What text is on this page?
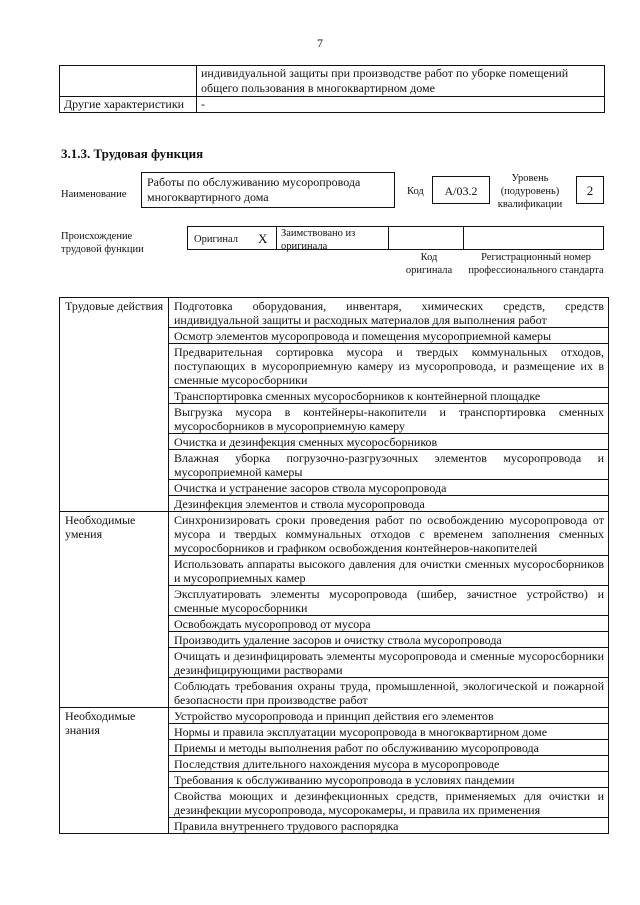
7
	индивидуальной защиты при производстве работ по уборке помещений общего пользования в многоквартирном доме
Другие характеристики	-
3.1.3. Трудовая функция
Наименование
Работы по обслуживанию мусоропровода многоквартирного дома	Код	А/03.2
Уровень (подуровень) квалификации
2
Происхождение трудовой функции
Оригинал X Заимствовано из оригинала
Код оригинала
Регистрационный номер профессионального стандарта
Трудовые действия	Подготовка оборудования, инвентаря, химических средств, средств индивидуальной защиты и расходных материалов для выполнения работ
	Осмотр элементов мусоропровода и помещения мусороприемной камеры
	Предварительная сортировка мусора и твердых коммунальных отходов, поступающих в мусороприемную камеру из мусоропровода, и размещение их в сменные мусоросборники
	Транспортировка сменных мусоросборников к контейнерной площадке
	Выгрузка мусора в контейнеры-накопители и транспортировка сменных мусоросборников в мусороприемную камеру
	Очистка и дезинфекция сменных мусоросборников
	Влажная уборка погрузочно-разгрузочных элементов мусоропровода и мусороприемной камеры
	Очистка и устранение засоров ствола мусоропровода
	Дезинфекция элементов и ствола мусоропровода
Необходимые умения	Синхронизировать сроки проведения работ по освобождению мусоропровода от мусора и твердых коммунальных отходов с временем заполнения сменных мусоросборников и графиком освобождения контейнеров-накопителей
	Использовать аппараты высокого давления для очистки сменных мусоросборников и мусороприемных камер
	Эксплуатировать элементы мусоропровода (шибер, зачистное устройство) и сменные мусоросборники
	Освобождать мусоропровод от мусора
	Производить удаление засоров и очистку ствола мусоропровода
	Очищать и дезинфицировать элементы мусоропровода и сменные мусоросборники дезинфицирующими растворами
	Соблюдать требования охраны труда, промышленной, экологической и пожарной безопасности при производстве работ
Необходимые знания	Устройство мусоропровода и принцип действия его элементов
	Нормы и правила эксплуатации мусоропровода в многоквартирном доме
	Приемы и методы выполнения работ по обслуживанию мусоропровода
	Последствия длительного нахождения мусора в мусоропроводе
	Требования к обслуживанию мусоропровода в условиях пандемии
	Свойства моющих и дезинфекционных средств, применяемых для очистки и дезинфекции мусоропровода, мусорокамеры, и правила их применения
	Правила внутреннего трудового распорядка
